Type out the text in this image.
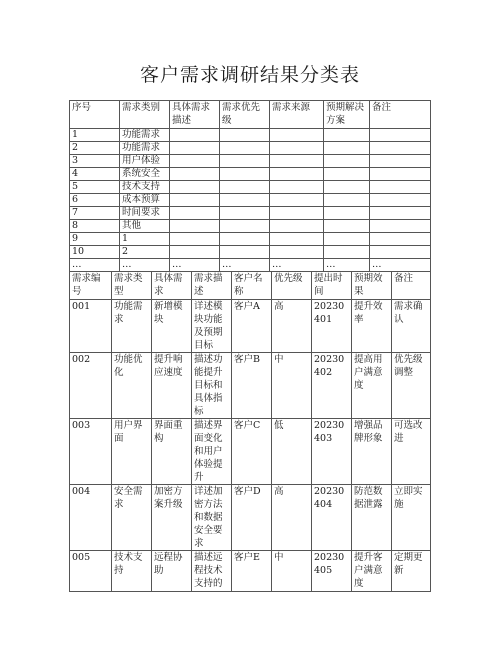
客户需求调研结果分类表
序号	需求类别	具体需求描述	需求优先级	需求来源	预期解决方案	备注
1	功能需求					
2	功能需求					
3	用户体验					
4	系统安全					
5	技术支持					
6	成本预算					
7	时间要求					
8	其他					
9	1					
10	2					
…	…	…	…	…	…	…
需求编号	需求类型	具体需求	需求描述	客户名称	优先级	提出时间	预期效果	备注
001	功能需求	新增模块	详述模块功能及预期目标	客户A	高	20230401	提升效率	需求确认
002	功能优化	提升响应速度	描述功能提升目标和具体指标	客户B	中	20230402	提高用户满意度	优先级调整
003	用户界面	界面重构	描述界面变化和用户体验提升	客户C	低	20230403	增强品牌形象	可选改进
004	安全需求	加密方案升级	详述加密方法和数据安全要求	客户D	高	20230404	防范数据泄露	立即实施
005	技术支持	远程协助	描述远程技术支持的	客户E	中	20230405	提升客户满意度	定期更新
